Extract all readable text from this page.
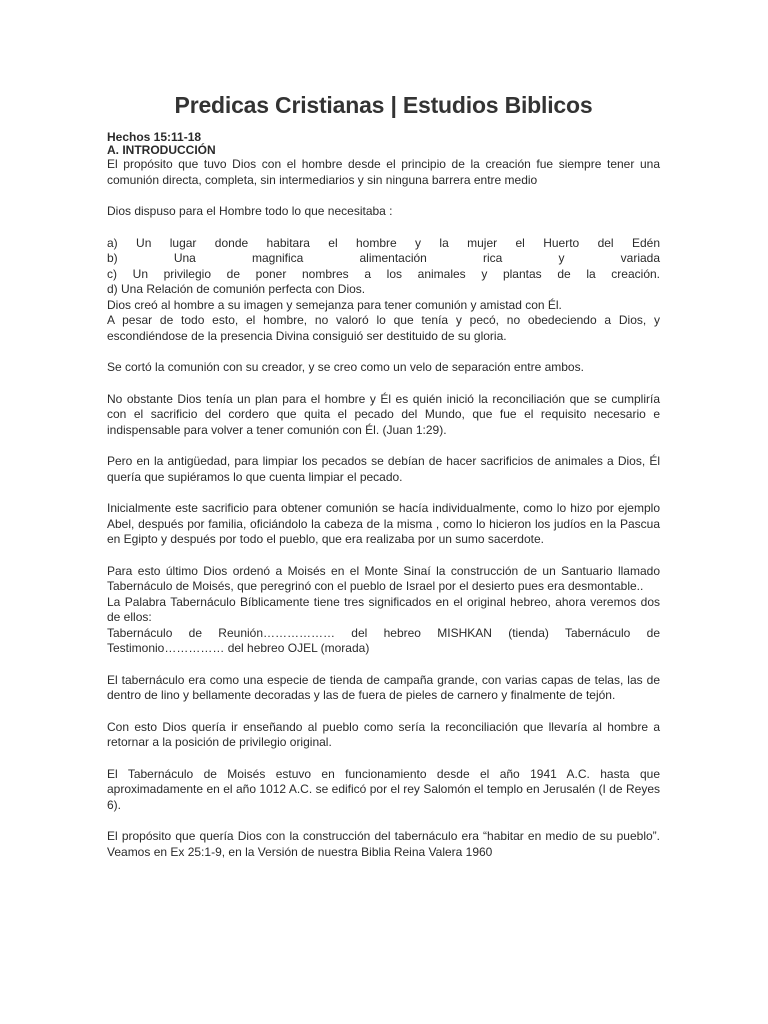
Predicas Cristianas | Estudios Biblicos

Hechos 15:11-18

A. INTRODUCCIÓN

El propósito que tuvo Dios con el hombre desde el principio de la creación fue siempre tener una comunión directa, completa, sin intermediarios y sin ninguna barrera entre medio

Dios dispuso para el Hombre todo lo que necesitaba :

a) Un lugar donde habitara el hombre y la mujer el Huerto del Edén

b) Una magnifica alimentación rica y variada

c) Un privilegio de poner nombres a los animales y plantas de la creación.

d) Una Relación de comunión perfecta con Dios.

Dios creó al hombre a su imagen y semejanza para tener comunión y amistad con Él.

A pesar de todo esto, el hombre, no valoró lo que tenía y pecó, no obedeciendo a Dios, y escondiéndose de la presencia Divina consiguió ser destituido de su gloria.

Se cortó la comunión con su creador, y se creo como un velo de separación entre ambos.

No obstante Dios tenía un plan para el hombre y Él es quién inició la reconciliación que se cumpliría con el sacrificio del cordero que quita el pecado del Mundo, que fue el requisito necesario e indispensable para volver a tener comunión con Él. (Juan 1:29).

Pero en la antigüedad, para limpiar los pecados se debían de hacer sacrificios de animales a Dios, Él quería que supiéramos lo que cuenta limpiar el pecado.

Inicialmente este sacrificio para obtener comunión se hacía individualmente, como lo hizo por ejemplo Abel, después por familia, oficiándolo la cabeza de la misma , como lo hicieron los judíos en la Pascua en Egipto y después por todo el pueblo, que era realizaba por un sumo sacerdote.

Para esto último Dios ordenó a Moisés en el Monte Sinaí la construcción de un Santuario llamado Tabernáculo de Moisés, que peregrinó con el pueblo de Israel por el desierto pues era desmontable..

La Palabra Tabernáculo Bíblicamente tiene tres significados en el original hebreo, ahora veremos dos de ellos:

Tabernáculo de Reunión……………… del hebreo MISHKAN (tienda) Tabernáculo de Testimonio…………… del hebreo OJEL (morada)

El tabernáculo era como una especie de tienda de campaña grande, con varias capas de telas, las de dentro de lino y bellamente decoradas y las de fuera de pieles de carnero y finalmente de tejón.

Con esto Dios quería ir enseñando al pueblo como sería la reconciliación que llevaría al hombre a retornar a la posición de privilegio original.

El Tabernáculo de Moisés estuvo en funcionamiento desde el año 1941 A.C. hasta que aproximadamente en el año 1012 A.C. se edificó por el rey Salomón el templo en Jerusalén (I de Reyes 6).

El propósito que quería Dios con la construcción del tabernáculo era “habitar en medio de su pueblo”. Veamos en Ex 25:1-9, en la Versión de nuestra Biblia Reina Valera 1960
